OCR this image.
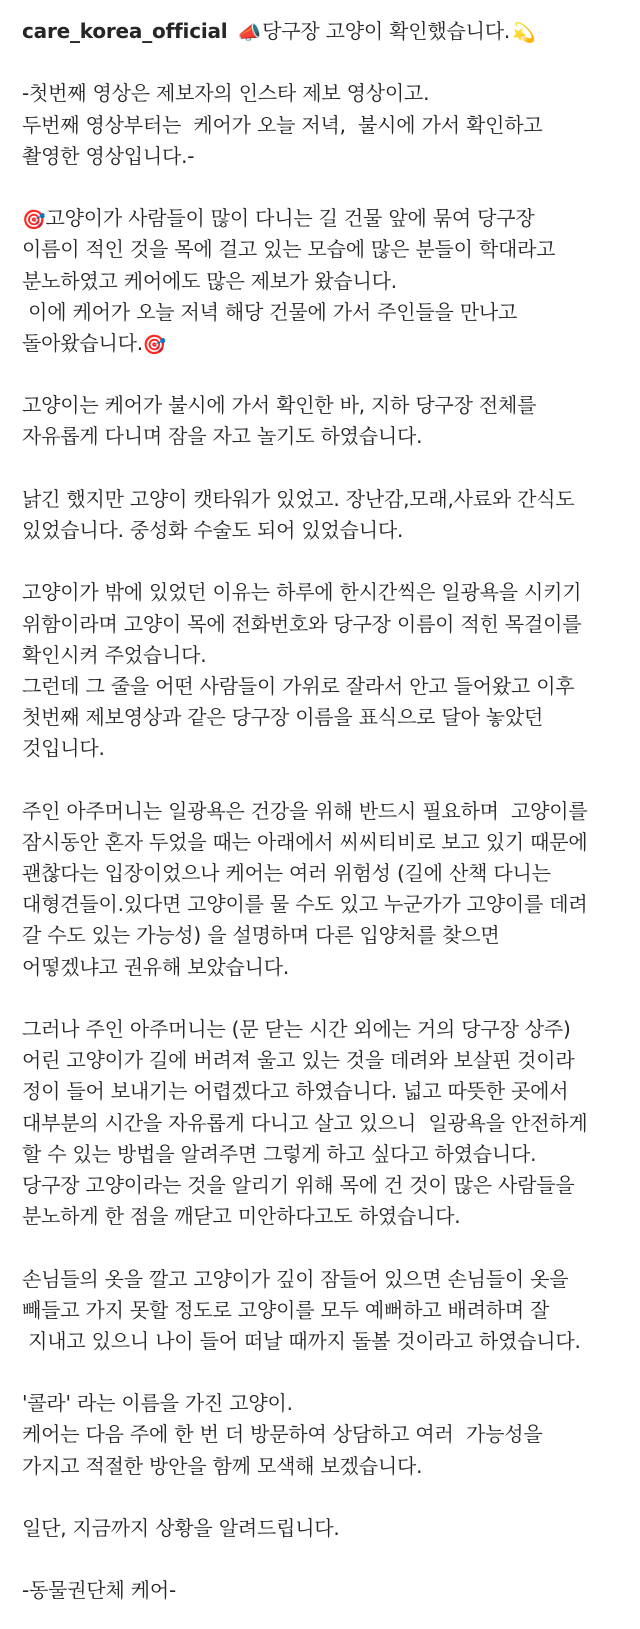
care_korea_official 📣당구장 고양이 확인했습니다. 💫
-첫번째 영상은 제보자의 인스타 제보 영상이고.
두번째 영상부터는  케어가 오늘 저녁,  불시에 가서 확인하고
촬영한 영상입니다.-
🎯고양이가 사람들이 많이 다니는 길 건물 앞에 묶여 당구장
이름이 적인 것을 목에 걸고 있는 모습에 많은 분들이 학대라고
분노하였고 케어에도 많은 제보가 왔습니다.
이에 케어가 오늘 저녁 해당 건물에 가서 주인들을 만나고
돌아왔습니다.🎯
고양이는 케어가 불시에 가서 확인한 바, 지하 당구장 전체를
자유롭게 다니며 잠을 자고 놀기도 하였습니다.
낡긴 했지만 고양이 캣타워가 있었고. 장난감,모래,사료와 간식도
있었습니다. 중성화 수술도 되어 있었습니다.
고양이가 밖에 있었던 이유는 하루에 한시간씩은 일광욕을 시키기
위함이라며 고양이 목에 전화번호와 당구장 이름이 적힌 목걸이를
확인시켜 주었습니다.
그런데 그 줄을 어떤 사람들이 가위로 잘라서 안고 들어왔고 이후
첫번째 제보영상과 같은 당구장 이름을 표식으로 달아 놓았던
것입니다.
주인 아주머니는 일광욕은 건강을 위해 반드시 필요하며  고양이를
잠시동안 혼자 두었을 때는 아래에서 씨씨티비로 보고 있기 때문에
괜찮다는 입장이었으나 케어는 여러 위험성 (길에 산책 다니는
대형견들이.있다면 고양이를 물 수도 있고 누군가가 고양이를 데려
갈 수도 있는 가능성) 을 설명하며 다른 입양처를 찾으면
어떻겠냐고 권유해 보았습니다.
그러나 주인 아주머니는 (문 닫는 시간 외에는 거의 당구장 상주)
어린 고양이가 길에 버려져 울고 있는 것을 데려와 보살핀 것이라
정이 들어 보내기는 어렵겠다고 하였습니다. 넓고 따뜻한 곳에서
대부분의 시간을 자유롭게 다니고 살고 있으니  일광욕을 안전하게
할 수 있는 방법을 알려주면 그렇게 하고 싶다고 하였습니다.
당구장 고양이라는 것을 알리기 위해 목에 건 것이 많은 사람들을
분노하게 한 점을 깨닫고 미안하다고도 하였습니다.
손님들의 옷을 깔고 고양이가 깊이 잠들어 있으면 손님들이 옷을
빼들고 가지 못할 정도로 고양이를 모두 예뻐하고 배려하며 잘
지내고 있으니 나이 들어 떠날 때까지 돌볼 것이라고 하였습니다.
'콜라' 라는 이름을 가진 고양이.
케어는 다음 주에 한 번 더 방문하여 상담하고 여러  가능성을
가지고 적절한 방안을 함께 모색해 보겠습니다.
일단, 지금까지 상황을 알려드립니다.
-동물권단체 케어-
